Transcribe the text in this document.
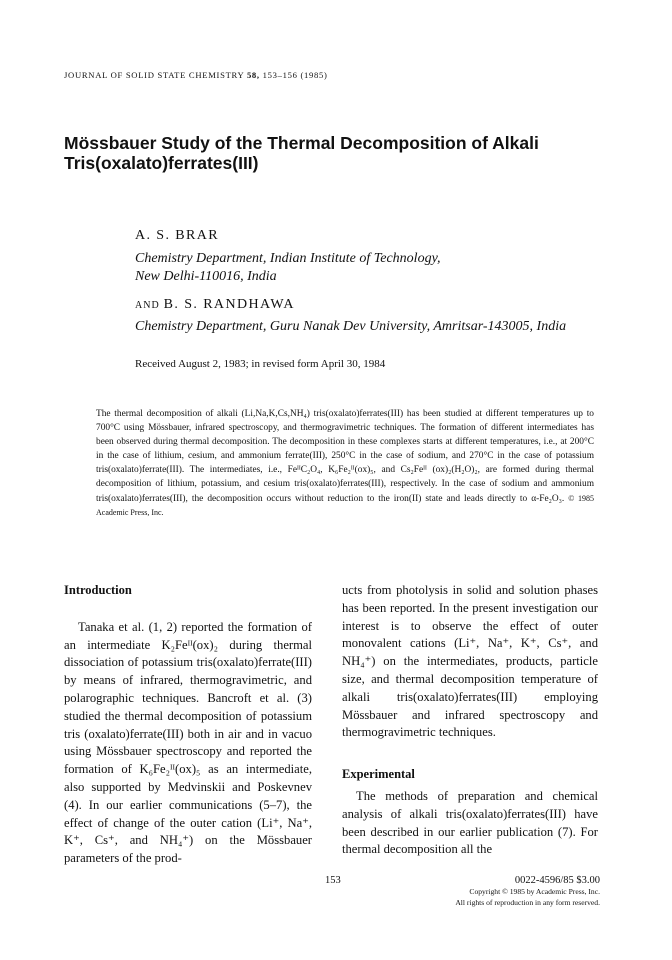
JOURNAL OF SOLID STATE CHEMISTRY 58, 153–156 (1985)
Mössbauer Study of the Thermal Decomposition of Alkali
Tris(oxalato)ferrates(III)
A. S. BRAR
Chemistry Department, Indian Institute of Technology,
New Delhi-110016, India
AND B. S. RANDHAWA
Chemistry Department, Guru Nanak Dev University, Amritsar-143005, India
Received August 2, 1983; in revised form April 30, 1984

The thermal decomposition of alkali (Li,Na,K,Cs,NH₄) tris(oxalato)ferrates(III) has been studied at different temperatures up to 700°C using Mössbauer, infrared spectroscopy, and thermogravimetric techniques. The formation of different intermediates has been observed during thermal decomposition. The decomposition in these complexes starts at different temperatures, i.e., at 200°C in the case of lithium, cesium, and ammonium ferrate(III), 250°C in the case of sodium, and 270°C in the case of potassium tris(oxalato)ferrate(III). The intermediates, i.e., FeᴵᴵC₂O₄, K₆Fe₂ᴵᴵ(ox)₅, and Cs₂Feᴵᴵ (ox)₂(H₂O)₂, are formed during thermal decomposition of lithium, potassium, and cesium tris(oxalato)ferrates(III), respectively. In the case of sodium and ammonium tris(oxalato)ferrates(III), the decomposition occurs without reduction to the iron(II) state and leads directly to α-Fe₂O₃. © 1985 Academic Press, Inc.

Introduction

Tanaka et al. (1, 2) reported the formation of an intermediate K₂Feᴵᴵ(ox)₂ during thermal dissociation of potassium tris(oxalato)ferrate(III) by means of infrared, thermogravimetric, and polarographic techniques. Bancroft et al. (3) studied the thermal decomposition of potassium tris (oxalato)ferrate(III) both in air and in vacuo using Mössbauer spectroscopy and reported the formation of K₆Fe₂ᴵᴵ(ox)₅ as an intermediate, also supported by Medvinskii and Poskevnev (4). In our earlier communications (5–7), the effect of change of the outer cation (Li⁺, Na⁺, K⁺, Cs⁺, and NH₄⁺) on the Mössbauer parameters of the prod-

ucts from photolysis in solid and solution phases has been reported. In the present investigation our interest is to observe the effect of outer monovalent cations (Li⁺, Na⁺, K⁺, Cs⁺, and NH₄⁺) on the intermediates, products, particle size, and thermal decomposition temperature of alkali tris(oxalato)ferrates(III) employing Mössbauer and infrared spectroscopy and thermogravimetric techniques.

Experimental

The methods of preparation and chemical analysis of alkali tris(oxalato)ferrates(III) have been described in our earlier publication (7). For thermal decomposition all the

153	0022-4596/85 $3.00
Copyright © 1985 by Academic Press, Inc.
All rights of reproduction in any form reserved.
